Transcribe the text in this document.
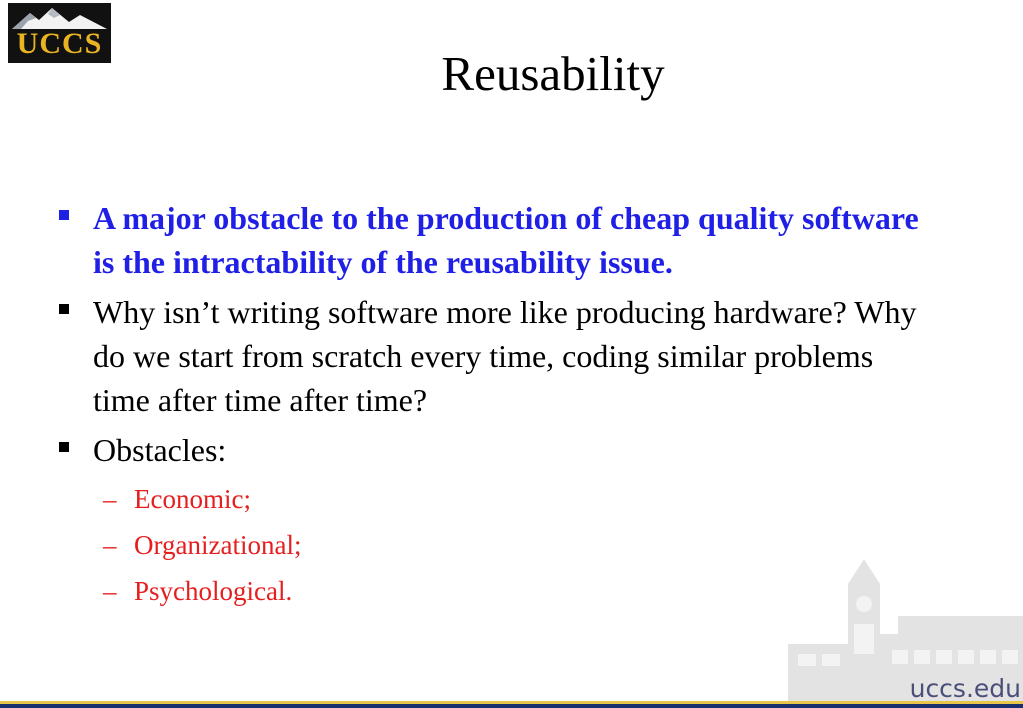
UCCS
Reusability
A major obstacle to the production of cheap quality software is the intractability of the reusability issue.
Why isn’t writing software more like producing hardware? Why do we start from scratch every time, coding similar problems time after time after time?
Obstacles:
– Economic;
– Organizational;
– Psychological.
uccs.edu
